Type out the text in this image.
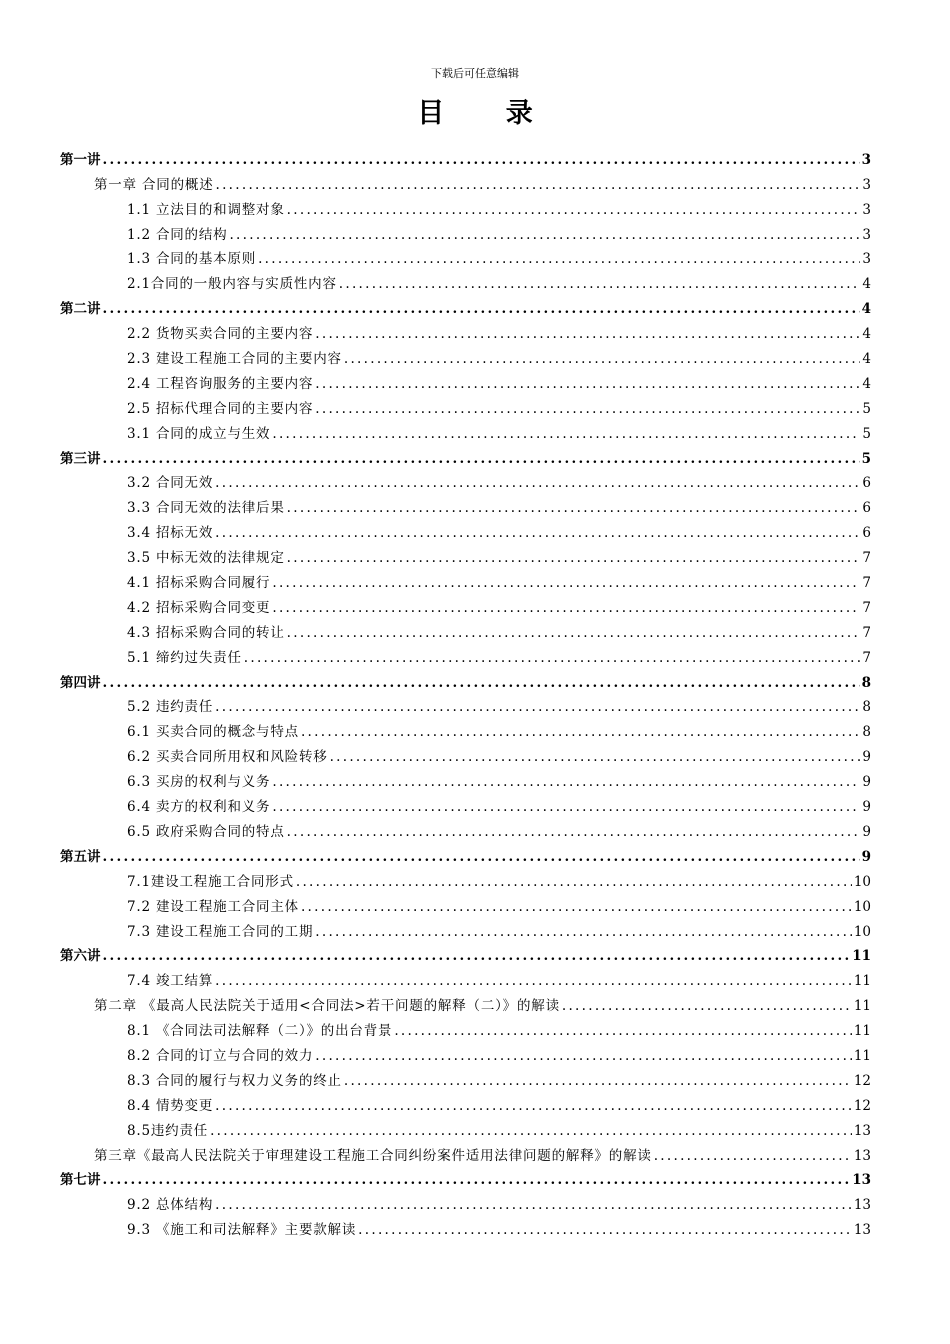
下载后可任意编辑
目 录
第一讲 .....	3
第一章 合同的概述 .....	3
1.1 立法目的和调整对象 .....	3
1.2 合同的结构 .....	3
1.3 合同的基本原则 .....	3
2.1合同的一般内容与实质性内容 .....	4
第二讲 .....	4
2.2 货物买卖合同的主要内容 .....	4
2.3 建设工程施工合同的主要内容 .....	4
2.4 工程咨询服务的主要内容 .....	4
2.5 招标代理合同的主要内容 .....	5
3.1 合同的成立与生效 .....	5
第三讲 .....	5
3.2 合同无效 .....	6
3.3 合同无效的法律后果 .....	6
3.4 招标无效 .....	6
3.5 中标无效的法律规定 .....	7
4.1 招标采购合同履行 .....	7
4.2 招标采购合同变更 .....	7
4.3 招标采购合同的转让 .....	7
5.1 缔约过失责任 .....	7
第四讲 .....	8
5.2 违约责任 .....	8
6.1 买卖合同的概念与特点 .....	8
6.2 买卖合同所用权和风险转移 .....	9
6.3 买房的权利与义务 .....	9
6.4 卖方的权利和义务 .....	9
6.5 政府采购合同的特点 .....	9
第五讲 .....	9
7.1建设工程施工合同形式 .....	10
7.2 建设工程施工合同主体 .....	10
7.3 建设工程施工合同的工期 .....	10
第六讲 .....	11
7.4 竣工结算 .....	11
第二章 《最高人民法院关于适用<合同法>若干问题的解释（二）》的解读 .....	11
8.1 《合同法司法解释（二）》的出台背景 .....	11
8.2 合同的订立与合同的效力 .....	11
8.3 合同的履行与权力义务的终止 .....	12
8.4 情势变更 .....	12
8.5违约责任 .....	13
第三章《最高人民法院关于审理建设工程施工合同纠纷案件适用法律问题的解释》的解读 .....	13
第七讲 .....	13
9.2 总体结构 .....	13
9.3 《施工和司法解释》主要款解读 .....	13
